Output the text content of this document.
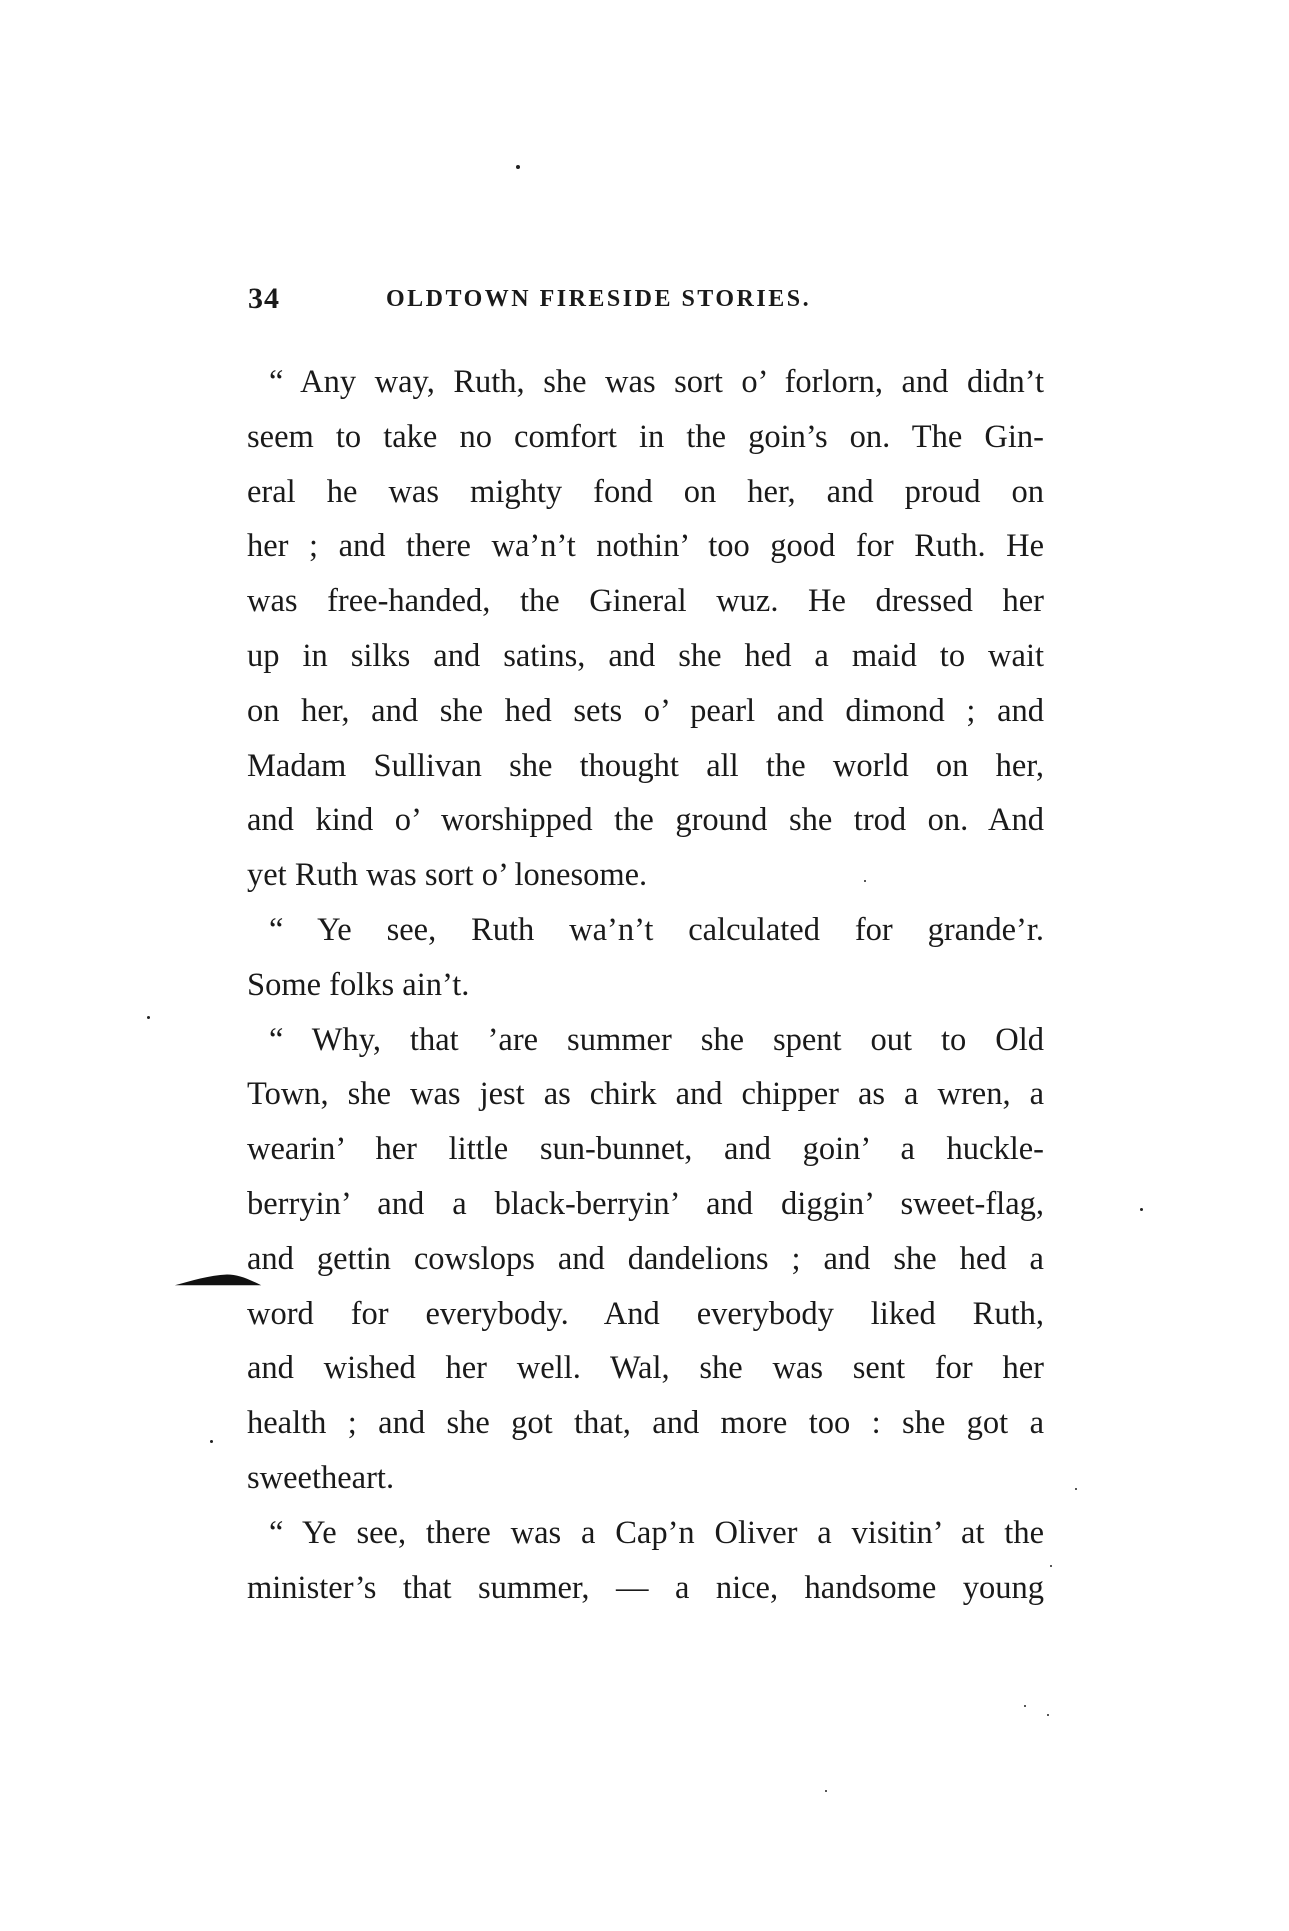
34	OLDTOWN FIRESIDE STORIES.
“ Any way, Ruth, she was sort o’ forlorn, and didn’t
seem to take no comfort in the goin’s on. The Gin-
eral he was mighty fond on her, and proud on
her ; and there wa’n’t nothin’ too good for Ruth. He
was free-handed, the Gineral wuz. He dressed her
up in silks and satins, and she hed a maid to wait
on her, and she hed sets o’ pearl and dimond ; and
Madam Sullivan she thought all the world on her,
and kind o’ worshipped the ground she trod on. And
yet Ruth was sort o’ lonesome.
“ Ye see, Ruth wa’n’t calculated for grande’r.
Some folks ain’t.
“ Why, that ’are summer she spent out to Old
Town, she was jest as chirk and chipper as a wren, a
wearin’ her little sun-bunnet, and goin’ a huckle-
berryin’ and a black-berryin’ and diggin’ sweet-flag,
and gettin cowslops and dandelions ; and she hed a
word for everybody. And everybody liked Ruth,
and wished her well. Wal, she was sent for her
health ; and she got that, and more too : she got a
sweetheart.
“ Ye see, there was a Cap’n Oliver a visitin’ at the
minister’s that summer, — a nice, handsome young
